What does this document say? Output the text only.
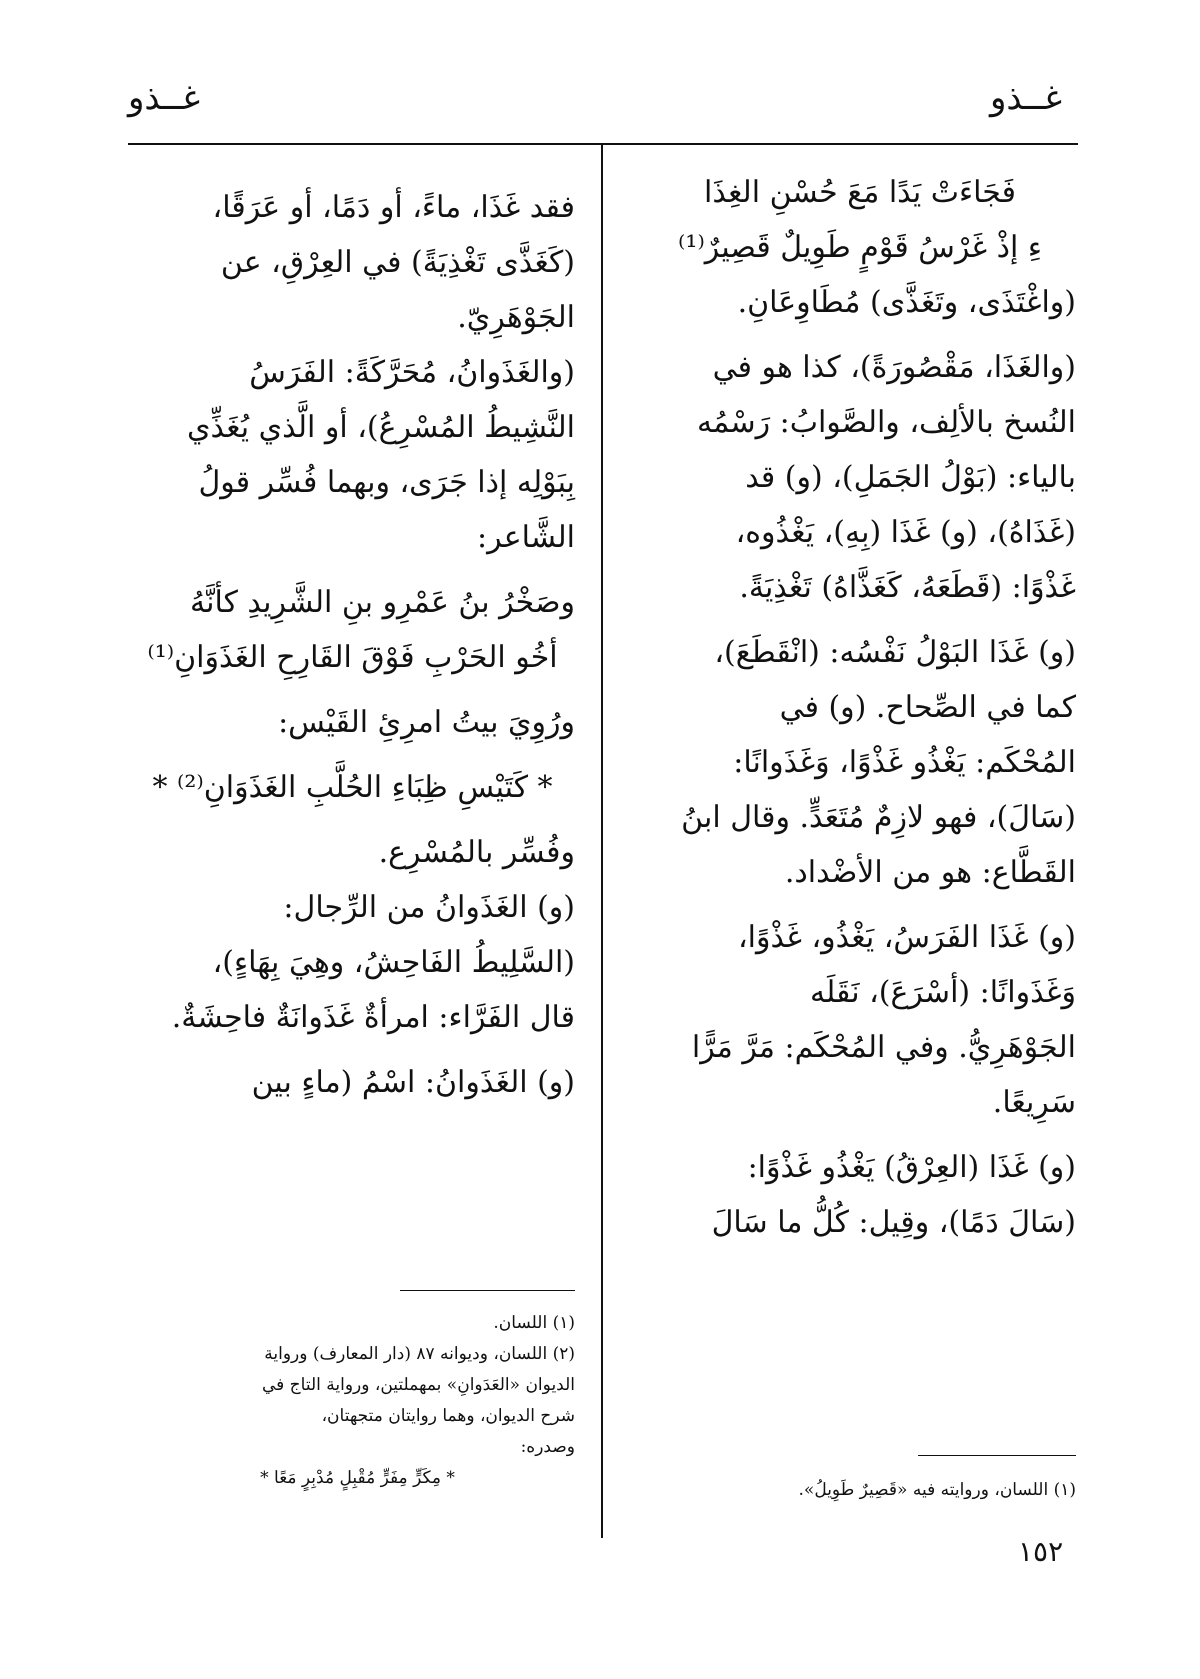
غــذو
غــذو

فَجَاءَتْ يَدًا مَعَ حُسْنِ الغِذَا

ءِ إذْ غَرْسُ قَوْمٍ طَوِيلٌ قَصِيرٌ⁽¹⁾

(واغْتَذَى، وتَغَذَّى) مُطَاوِعَانِ.

(والغَذَا، مَقْصُورَةً)، كذا هو في

النُسخ بالألِف، والصَّوابُ: رَسْمُه

بالياء: (بَوْلُ الجَمَلِ)، (و) قد

(غَذَاهُ)، (و) غَذَا (بِهِ)، يَغْذُوه،

غَذْوًا: (قَطَعَهُ، كَغَذَّاهُ) تَغْذِيَةً.

(و) غَذَا البَوْلُ نَفْسُه: (انْقَطَعَ)،

كما في الصِّحاح. (و) في

المُحْكَم: يَغْذُو غَذْوًا، وَغَذَوانًا:

(سَالَ)، فهو لازِمٌ مُتَعَدٍّ. وقال ابنُ

القَطَّاع: هو من الأضْداد.

(و) غَذَا الفَرَسُ، يَغْذُو، غَذْوًا،

وَغَذَوانًا: (أسْرَعَ)، نَقَلَه

الجَوْهَرِيُّ. وفي المُحْكَم: مَرَّ مَرًّا

سَرِيعًا.

(و) غَذَا (العِرْقُ) يَغْذُو غَذْوًا:

(سَالَ دَمًا)، وقِيل: كُلُّ ما سَالَ

(١) اللسان، وروايته فيه «قَصِيرٌ طَوِيلُ».

فقد غَذَا، ماءً، أو دَمًا، أو عَرَقًا،

(كَغَذَّى تَغْذِيَةً) في العِرْقِ، عن

الجَوْهَرِيّ.

(والغَذَوانُ، مُحَرَّكَةً: الفَرَسُ

النَّشِيطُ المُسْرِعُ)، أو الَّذي يُغَذِّي

بِبَوْلِه إذا جَرَى، وبهما فُسِّر قولُ

الشَّاعر:

وصَخْرُ بنُ عَمْرِو بنِ الشَّرِيدِ كأنَّهُ

أخُو الحَرْبِ فَوْقَ القَارِحِ الغَذَوَانِ⁽¹⁾

ورُوِيَ بيتُ امرِئِ القَيْس:

* كَتَيْسِ ظِبَاءِ الحُلَّبِ الغَذَوَانِ⁽²⁾ *

وفُسِّر بالمُسْرِع.

(و) الغَذَوانُ من الرِّجال:

(السَّلِيطُ الفَاحِشُ، وهِيَ بِهَاءٍ)،

قال الفَرَّاء: امرأةٌ غَذَوانَةٌ فاحِشَةٌ.

(و) الغَذَوانُ: اسْمُ (ماءٍ بين

(١) اللسان.

(٢) اللسان، وديوانه ٨٧ (دار المعارف) ورواية

الديوان «العَدَوانِ» بمهملتين، ورواية التاج في

شرح الديوان، وهما روايتان متجهتان،

وصدره:

* مِكَرٍّ مِفَرٍّ مُقْبِلٍ مُدْبِرٍ مَعًا *

١٥٢
